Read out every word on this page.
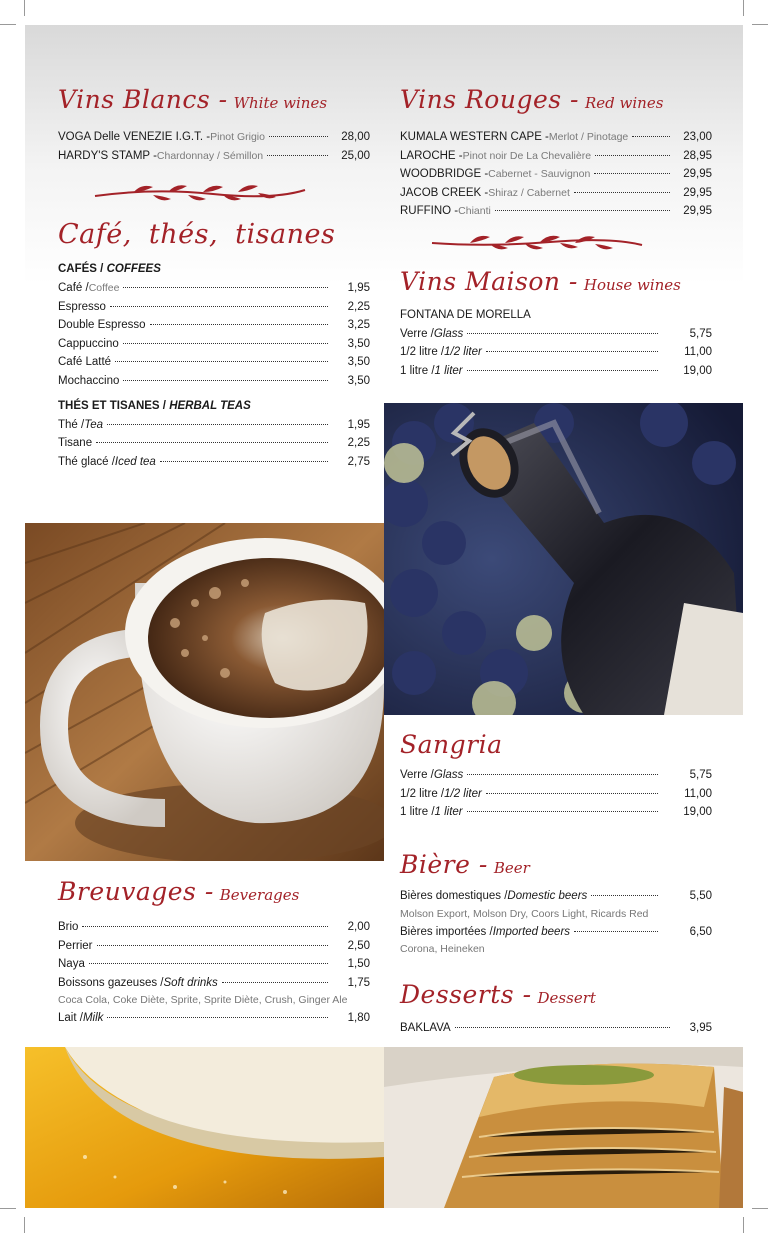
Vins Blancs - White wines
VOGA Delle VENEZIE I.G.T. - Pinot Grigio	28,00
HARDY'S STAMP - Chardonnay / Sémillon	25,00
Café, thés, tisanes
CAFÉS / COFFEES
Café / Coffee	1,95
Espresso	2,25
Double Espresso	3,25
Cappuccino	3,50
Café Latté	3,50
Mochaccino	3,50
THÉS ET TISANES / HERBAL TEAS
Thé / Tea	1,95
Tisane	2,25
Thé glacé / Iced tea	2,75
Vins Rouges - Red wines
KUMALA WESTERN CAPE - Merlot / Pinotage	23,00
LAROCHE - Pinot noir De La Chevalière	28,95
WOODBRIDGE - Cabernet - Sauvignon	29,95
JACOB CREEK - Shiraz / Cabernet	29,95
RUFFINO - Chianti	29,95
Vins Maison - House wines
FONTANA DE MORELLA
Verre / Glass	5,75
1/2 litre / 1/2 liter	11,00
1 litre / 1 liter	19,00
Sangria
Verre / Glass	5,75
1/2 litre / 1/2 liter	11,00
1 litre / 1 liter	19,00
Bière - Beer
Bières domestiques / Domestic beers	5,50
Molson Export, Molson Dry, Coors Light, Ricards Red
Bières importées / Imported beers	6,50
Corona, Heineken
Breuvages - Beverages
Brio	2,00
Perrier	2,50
Naya	1,50
Boissons gazeuses / Soft drinks	1,75
Coca Cola, Coke Diète, Sprite, Sprite Diète, Crush, Ginger Ale
Lait / Milk	1,80
Desserts - Dessert
BAKLAVA	3,95
